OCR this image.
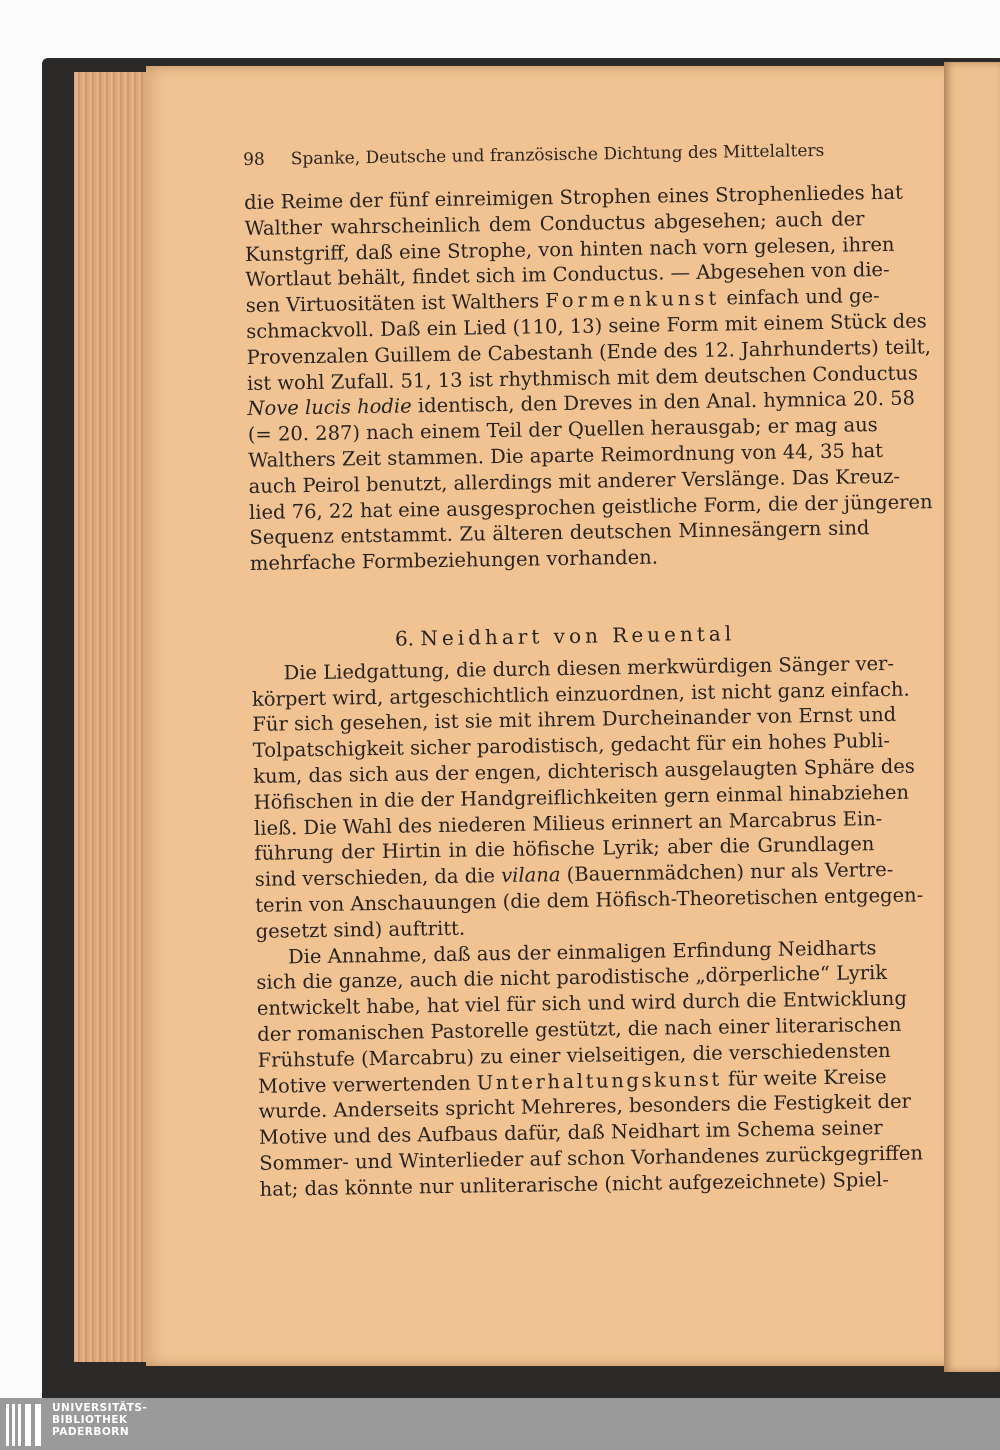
98 Spanke, Deutsche und französische Dichtung des Mittelalters
die Reime der fünf einreimigen Strophen eines Strophenliedes hat
Walther wahrscheinlich dem Conductus abgesehen; auch der
Kunstgriff, daß eine Strophe, von hinten nach vorn gelesen, ihren
Wortlaut behält, findet sich im Conductus. — Abgesehen von die-
sen Virtuositäten ist Walthers Formenkunst einfach und ge-
schmackvoll. Daß ein Lied (110, 13) seine Form mit einem Stück des
Provenzalen Guillem de Cabestanh (Ende des 12. Jahrhunderts) teilt,
ist wohl Zufall. 51, 13 ist rhythmisch mit dem deutschen Conductus
Nove lucis hodie identisch, den Dreves in den Anal. hymnica 20. 58
(= 20. 287) nach einem Teil der Quellen herausgab; er mag aus
Walthers Zeit stammen. Die aparte Reimordnung von 44, 35 hat
auch Peirol benutzt, allerdings mit anderer Verslänge. Das Kreuz-
lied 76, 22 hat eine ausgesprochen geistliche Form, die der jüngeren
Sequenz entstammt. Zu älteren deutschen Minnesängern sind
mehrfache Formbeziehungen vorhanden.
6. Neidhart von Reuental
Die Liedgattung, die durch diesen merkwürdigen Sänger ver-
körpert wird, artgeschichtlich einzuordnen, ist nicht ganz einfach.
Für sich gesehen, ist sie mit ihrem Durcheinander von Ernst und
Tolpatschigkeit sicher parodistisch, gedacht für ein hohes Publi-
kum, das sich aus der engen, dichterisch ausgelaugten Sphäre des
Höfischen in die der Handgreiflichkeiten gern einmal hinabziehen
ließ. Die Wahl des niederen Milieus erinnert an Marcabrus Ein-
führung der Hirtin in die höfische Lyrik; aber die Grundlagen
sind verschieden, da die vilana (Bauernmädchen) nur als Vertre-
terin von Anschauungen (die dem Höfisch-Theoretischen entgegen-
gesetzt sind) auftritt.
Die Annahme, daß aus der einmaligen Erfindung Neidharts
sich die ganze, auch die nicht parodistische „dörperliche“ Lyrik
entwickelt habe, hat viel für sich und wird durch die Entwicklung
der romanischen Pastorelle gestützt, die nach einer literarischen
Frühstufe (Marcabru) zu einer vielseitigen, die verschiedensten
Motive verwertenden Unterhaltungskunst für weite Kreise
wurde. Anderseits spricht Mehreres, besonders die Festigkeit der
Motive und des Aufbaus dafür, daß Neidhart im Schema seiner
Sommer- und Winterlieder auf schon Vorhandenes zurückgegriffen
hat; das könnte nur unliterarische (nicht aufgezeichnete) Spiel-
UNIVERSITÄTS-
BIBLIOTHEK
PADERBORN
